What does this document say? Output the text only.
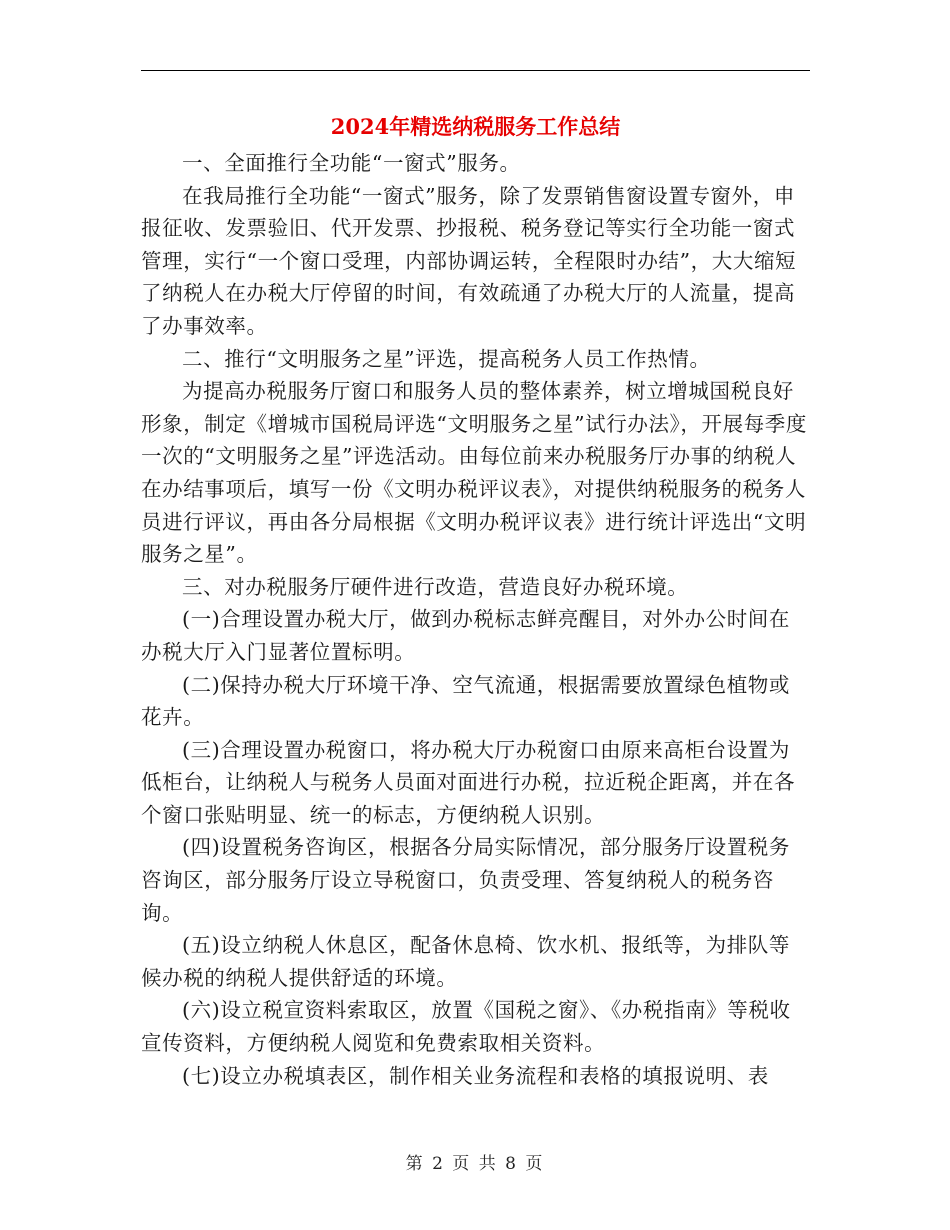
2024年精选纳税服务工作总结

一、全面推行全功能“一窗式”服务。

在我局推行全功能“一窗式”服务，除了发票销售窗设置专窗外，申报征收、发票验旧、代开发票、抄报税、税务登记等实行全功能一窗式管理，实行“一个窗口受理，内部协调运转，全程限时办结”，大大缩短了纳税人在办税大厅停留的时间，有效疏通了办税大厅的人流量，提高了办事效率。

二、推行“文明服务之星”评选，提高税务人员工作热情。

为提高办税服务厅窗口和服务人员的整体素养，树立增城国税良好形象，制定《增城市国税局评选“文明服务之星”试行办法》，开展每季度一次的“文明服务之星”评选活动。由每位前来办税服务厅办事的纳税人在办结事项后，填写一份《文明办税评议表》，对提供纳税服务的税务人员进行评议，再由各分局根据《文明办税评议表》进行统计评选出“文明服务之星”。

三、对办税服务厅硬件进行改造，营造良好办税环境。

(一)合理设置办税大厅，做到办税标志鲜亮醒目，对外办公时间在办税大厅入门显著位置标明。

(二)保持办税大厅环境干净、空气流通，根据需要放置绿色植物或花卉。

(三)合理设置办税窗口，将办税大厅办税窗口由原来高柜台设置为低柜台，让纳税人与税务人员面对面进行办税，拉近税企距离，并在各个窗口张贴明显、统一的标志，方便纳税人识别。

(四)设置税务咨询区，根据各分局实际情况，部分服务厅设置税务咨询区，部分服务厅设立导税窗口，负责受理、答复纳税人的税务咨询。

(五)设立纳税人休息区，配备休息椅、饮水机、报纸等，为排队等候办税的纳税人提供舒适的环境。

(六)设立税宣资料索取区，放置《国税之窗》、《办税指南》等税收宣传资料，方便纳税人阅览和免费索取相关资料。

(七)设立办税填表区，制作相关业务流程和表格的填报说明、表

第 2 页 共 8 页
